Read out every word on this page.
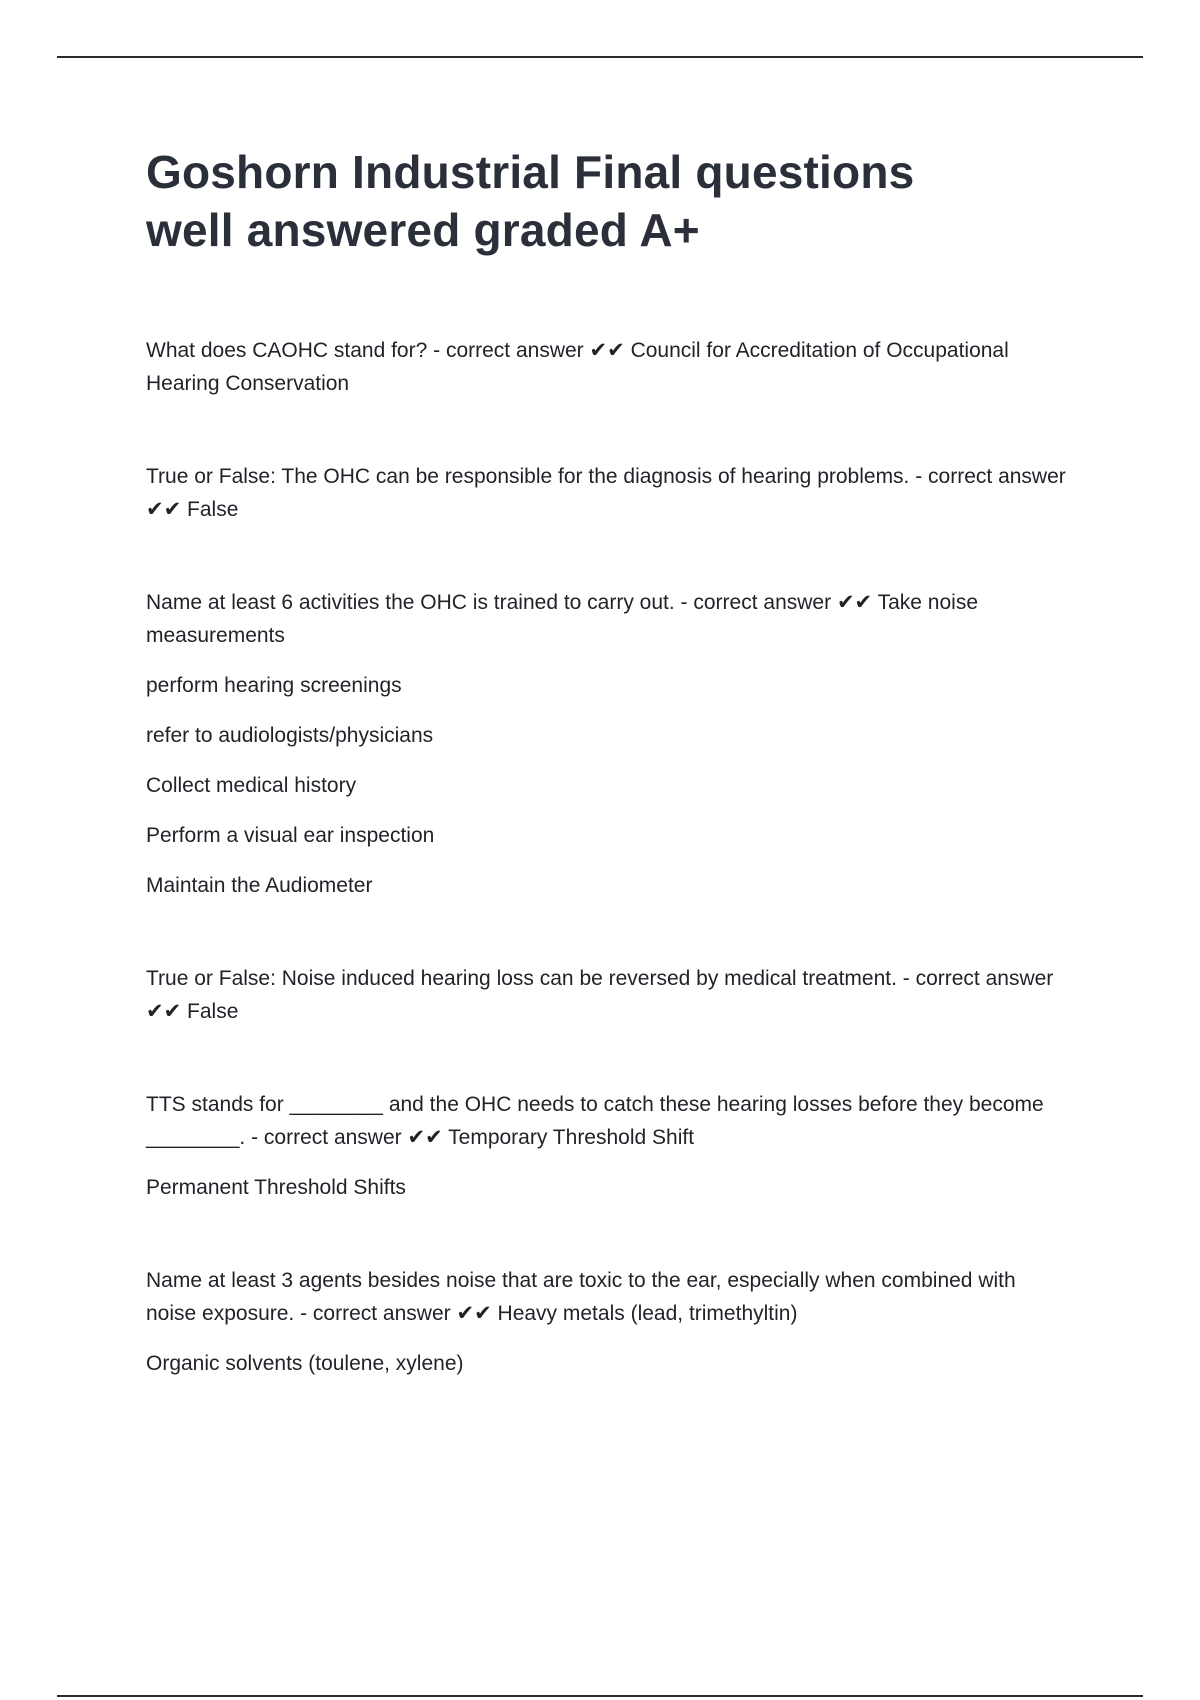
Goshorn Industrial Final questions
well answered graded A+

What does CAOHC stand for? - correct answer ✔✔ Council for Accreditation of Occupational Hearing Conservation

True or False: The OHC can be responsible for the diagnosis of hearing problems. - correct answer ✔✔ False

Name at least 6 activities the OHC is trained to carry out. - correct answer ✔✔ Take noise measurements

perform hearing screenings

refer to audiologists/physicians

Collect medical history

Perform a visual ear inspection

Maintain the Audiometer

True or False: Noise induced hearing loss can be reversed by medical treatment. - correct answer ✔✔ False

TTS stands for ________ and the OHC needs to catch these hearing losses before they become ________. - correct answer ✔✔ Temporary Threshold Shift

Permanent Threshold Shifts

Name at least 3 agents besides noise that are toxic to the ear, especially when combined with noise exposure. - correct answer ✔✔ Heavy metals (lead, trimethyltin)

Organic solvents (toulene, xylene)
